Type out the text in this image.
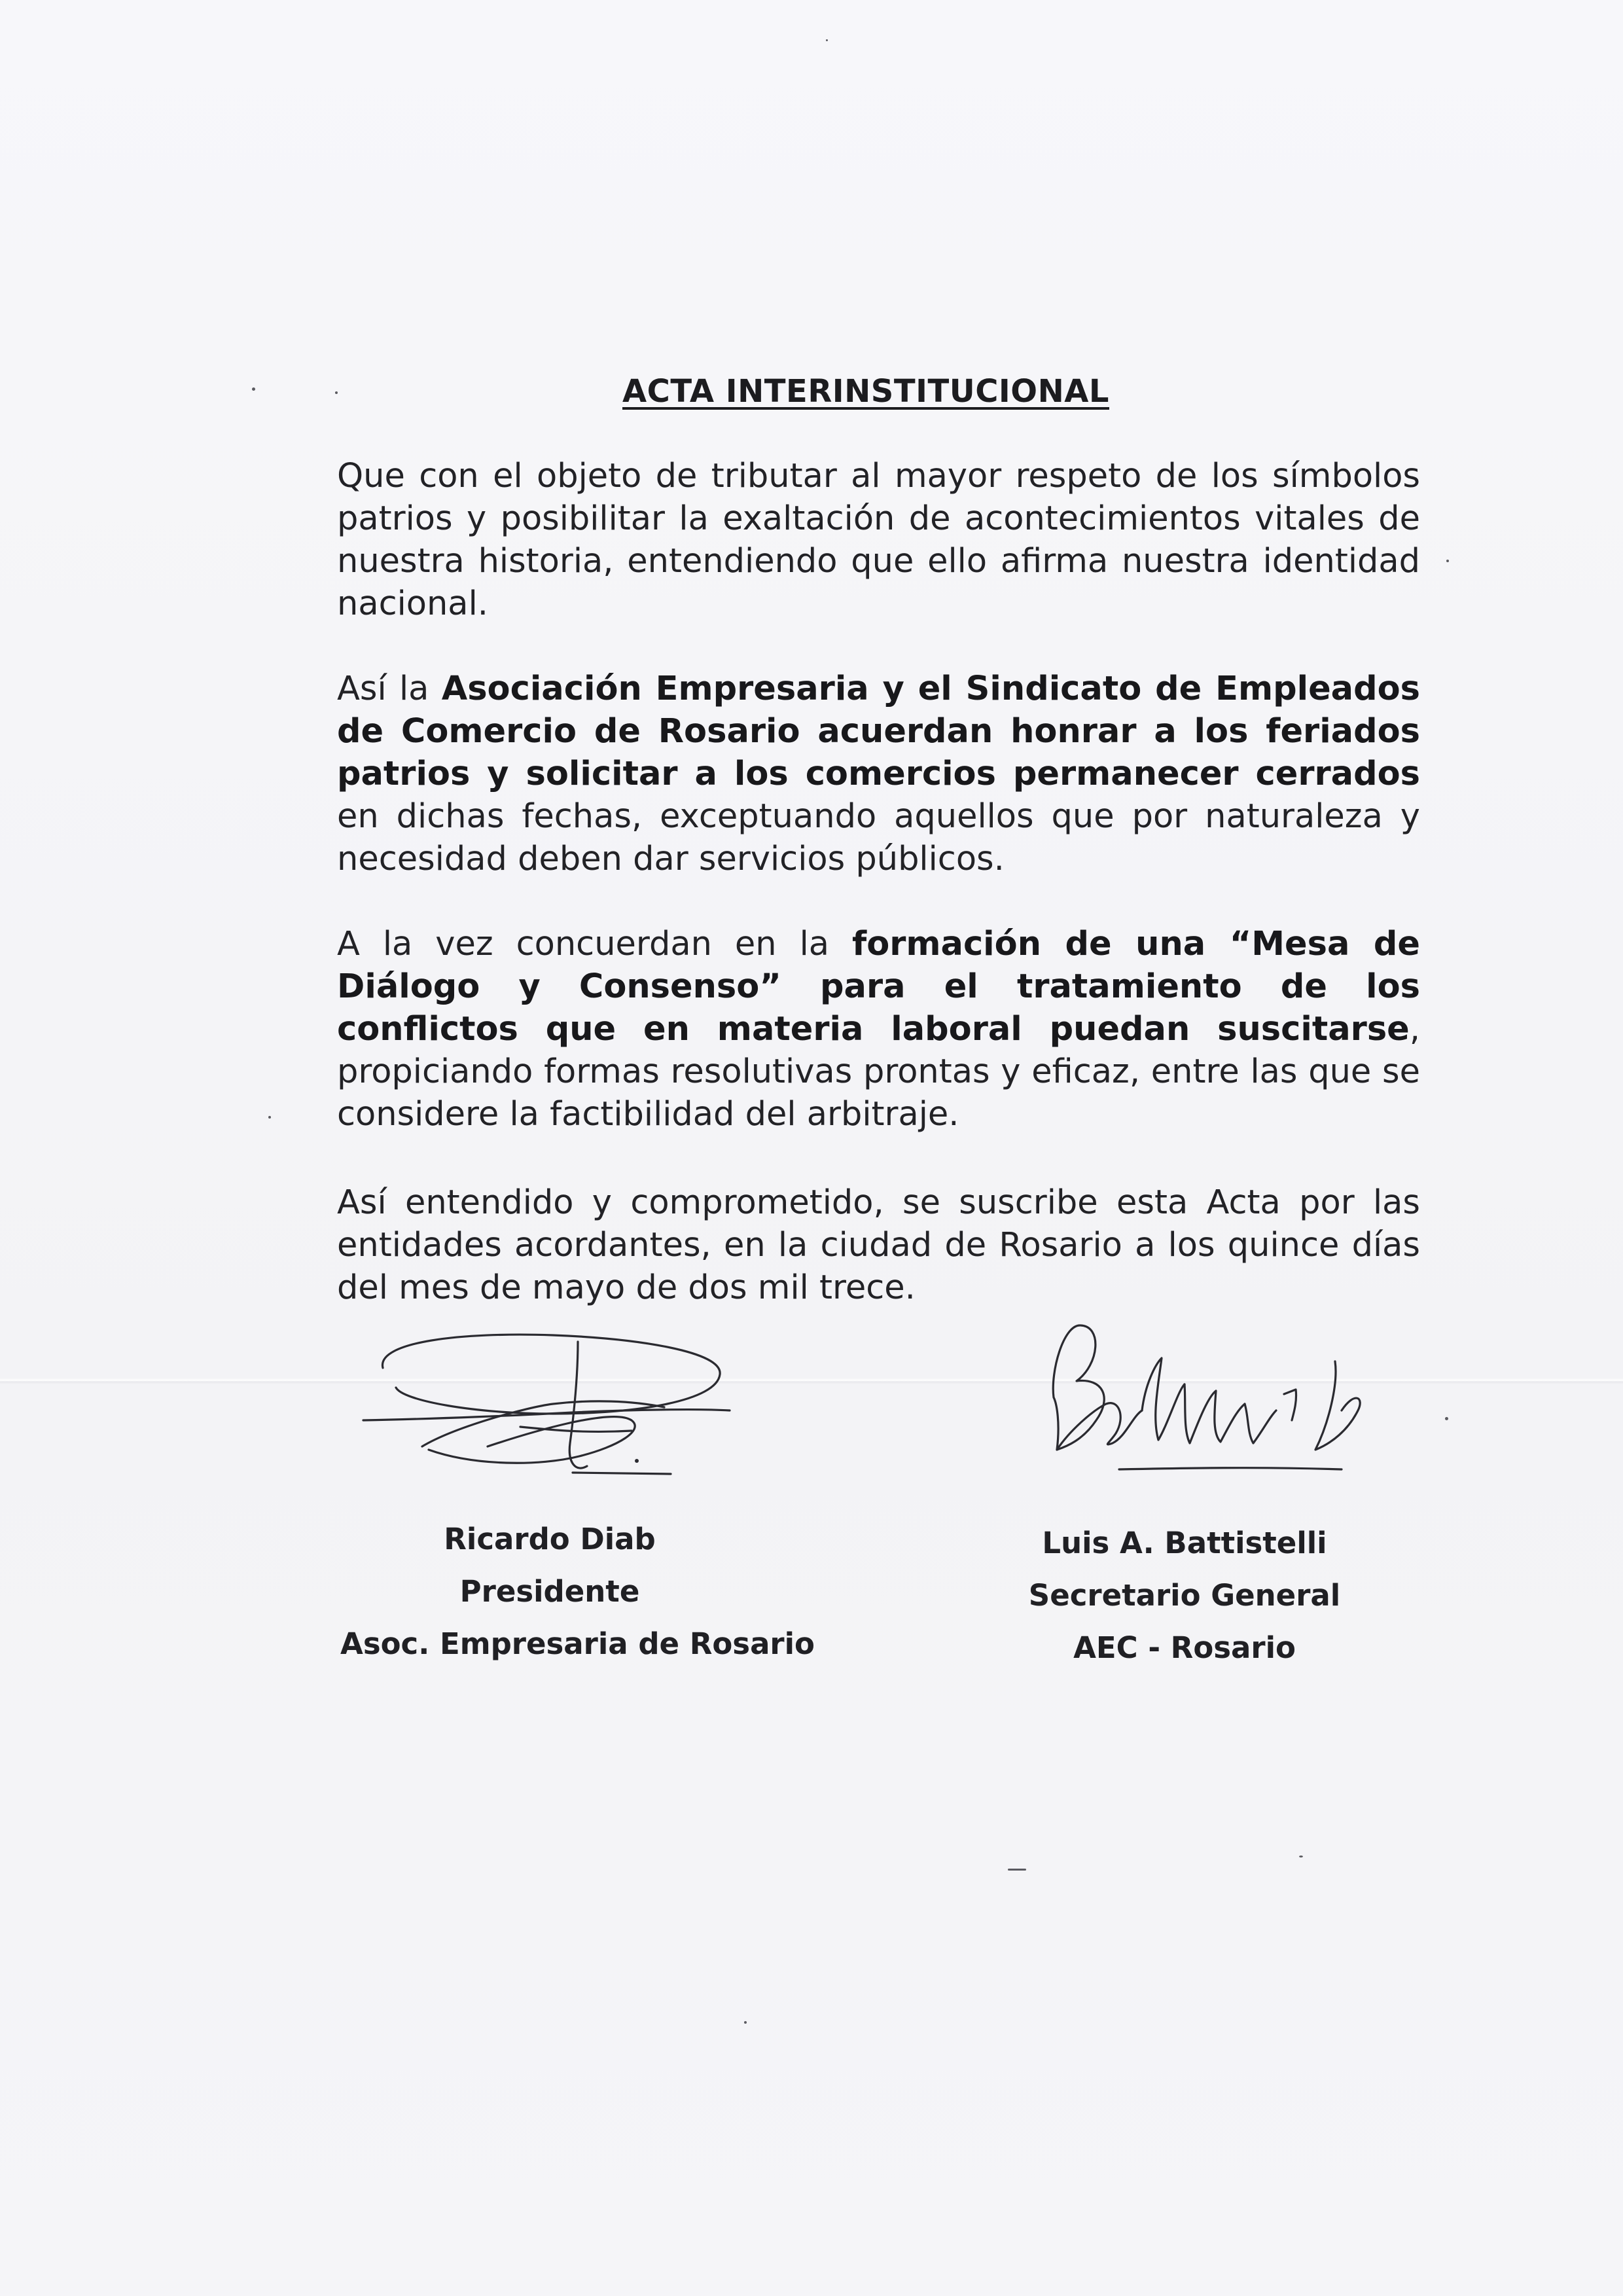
ACTA INTERINSTITUCIONAL

Que con el objeto de tributar al mayor respeto de los símbolos patrios y posibilitar la exaltación de acontecimientos vitales de nuestra historia, entendiendo que ello afirma nuestra identidad nacional.

Así la Asociación Empresaria y el Sindicato de Empleados de Comercio de Rosario acuerdan honrar a los feriados patrios y solicitar a los comercios permanecer cerrados en dichas fechas, exceptuando aquellos que por naturaleza y necesidad deben dar servicios públicos.

A la vez concuerdan en la formación de una “Mesa de Diálogo y Consenso” para el tratamiento de los conflictos que en materia laboral puedan suscitarse, propiciando formas resolutivas prontas y eficaz, entre las que se considere la factibilidad del arbitraje.

Así entendido y comprometido, se suscribe esta Acta por las entidades acordantes, en la ciudad de Rosario a los quince días del mes de mayo de dos mil trece.

Ricardo Diab
Presidente
Asoc. Empresaria de Rosario
Luis A. Battistelli
Secretario General
AEC - Rosario
